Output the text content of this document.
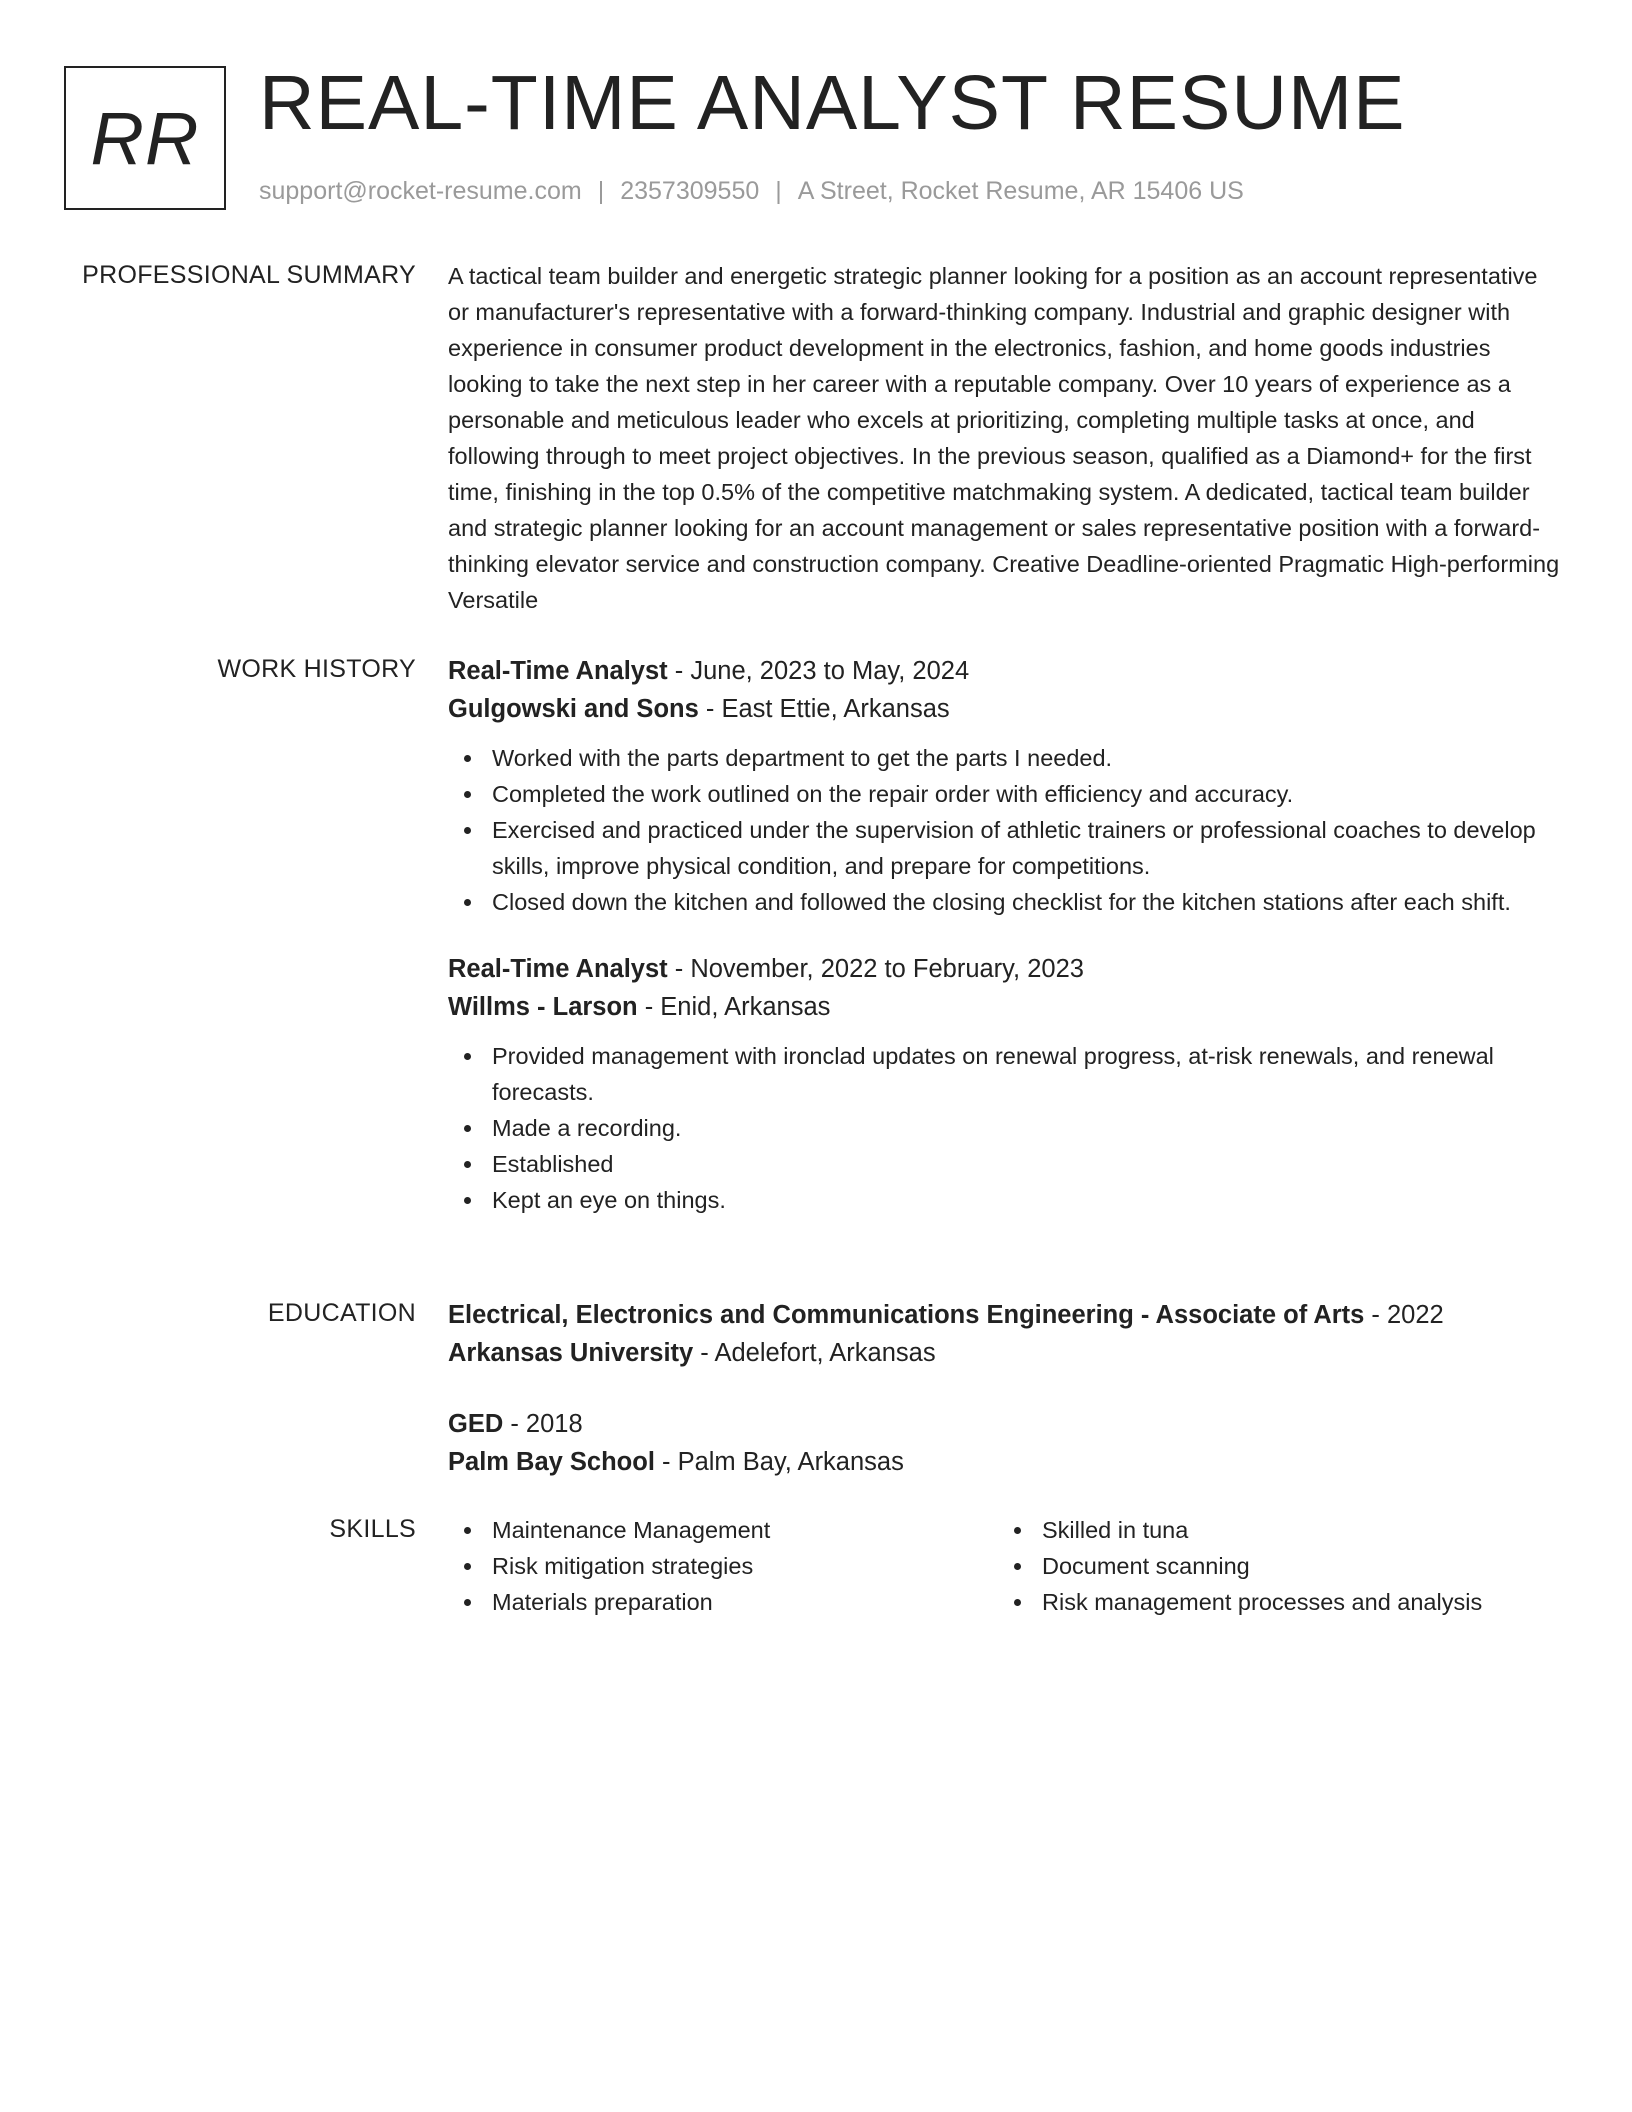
RR REAL-TIME ANALYST RESUME
support@rocket-resume.com | 2357309550 | A Street, Rocket Resume, AR 15406 US
PROFESSIONAL SUMMARY A tactical team builder and energetic strategic planner looking for a position as an account representative or manufacturer's representative with a forward-thinking company. Industrial and graphic designer with experience in consumer product development in the electronics, fashion, and home goods industries looking to take the next step in her career with a reputable company. Over 10 years of experience as a personable and meticulous leader who excels at prioritizing, completing multiple tasks at once, and following through to meet project objectives. In the previous season, qualified as a Diamond+ for the first time, finishing in the top 0.5% of the competitive matchmaking system. A dedicated, tactical team builder and strategic planner looking for an account management or sales representative position with a forward-thinking elevator service and construction company. Creative Deadline-oriented Pragmatic High-performing Versatile

WORK HISTORY Real-Time Analyst - June, 2023 to May, 2024
Gulgowski and Sons - East Ettie, Arkansas
Worked with the parts department to get the parts I needed.
Completed the work outlined on the repair order with efficiency and accuracy.
Exercised and practiced under the supervision of athletic trainers or professional coaches to develop skills, improve physical condition, and prepare for competitions.
Closed down the kitchen and followed the closing checklist for the kitchen stations after each shift.
Real-Time Analyst - November, 2022 to February, 2023
Willms - Larson - Enid, Arkansas
Provided management with ironclad updates on renewal progress, at-risk renewals, and renewal forecasts.
Made a recording.
Established
Kept an eye on things.
EDUCATION Electrical, Electronics and Communications Engineering - Associate of Arts - 2022
Arkansas University - Adelefort, Arkansas
GED - 2018
Palm Bay School - Palm Bay, Arkansas
SKILLS	Maintenance Management
Risk mitigation strategies
Materials preparation
Skilled in tuna
Document scanning
Risk management processes and analysis
